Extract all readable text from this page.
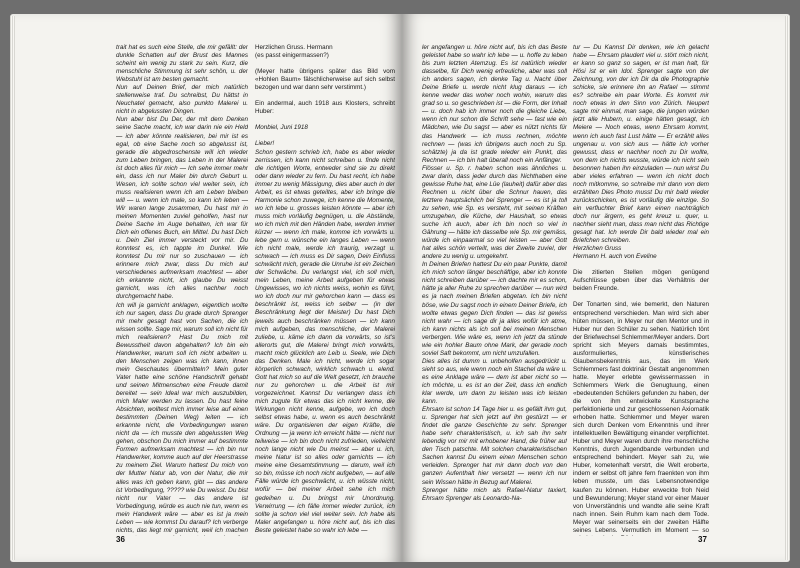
trait hat es such eine Stelle, die mir gefällt: der dunkle Schatten auf der Brust des Mannes scheint ein wenig zu stark zu sein. Kurz, die menschliche Stimmung ist sehr schön, u. der Webstuhl ist am besten gemacht.
Nun auf Deinen Brief, der mich natürlich stellenweise traf. Du schreibst, Du hättst in Neuchatel gemacht, also punkto Malerei u. nicht in abgelussten Dingen.
Nun aber bist Du Der, der mit dem Denken seine Sache macht, ich war darin nie ein Held — ich aber könnte realisieren, bei mir ist es egal, ob eine Sache noch so abgelusst ist, gerade die abgedroschenste will ich wieder zum Leben bringen, das Leben in der Malerei ist doch alles für mich — Ich sehe immer mehr ein, dass ich nur Maler bin durch Geburt u. Wesen, ich sollte schon viel weiter sein, ich muss realisieren wenn ich am Leben bleiben will — u. wenn ich male, so kann ich leben — Wir waren lange zusammen, Du hast mir in meinen Momenten zuviel geholfen, hast nur Deine Sache im Auge behalten, ich war für Dich ein offenes Buch, ein Mittel. Du hast Dich u. Dein Ziel immer versteckt vor mir. Du konntest es, ich tappte im Dunkel. Wie konntest Du mir nur so zuschauen — ich erinnere mich zwar, dass Du mich auf verschiedenes aufmerksam machtest — aber ich erkannte nicht, ich glaube Du weisst garnicht, was ich alles nachher noch durchgemacht habe.
Ich will ja garnicht anklagen, eigentlich wollte ich nur sagen, dass Du grade durch Sprenger mir mehr gesagt hast von Sachen, die ich wissen sollte. Sage mir, warum soll ich nicht für mich realisieren? Hast Du mich mit Bewusstheit davon abgehalten? Ich bin ein Handwerker, warum soll ich nicht arbeiten u. den Menschen zeigen was ich kann, ihnen mein Geschautes übermitteln? Mein guter Vater hatte eine schöne Handschrift gehabt und seinen Mitmenschen eine Freude damit bereitet — sein Ideal war mich auszubilden, mich Maler werden zu lassen. Du hast feine Absichten, wolltest mich immer leise auf einen bestimmten (Deinen Weg) leiten — ich erkannte nicht, die Vorbedingungen waren nicht da — ich musste den abgelussten Weg gehen, obschon Du mich immer auf bestimmte Formen aufmerksam machtest — ich bin nur Handwerker, komme auch auf der Heerstrasse zu meinem Ziel. Warum hattest Du mich von der Mutter Natur ab, von der Natur, die mir alles was ich geben kann, gibt — das andere ist Vorbedingung, ????? wie Du weisst. Du bist nicht nur Vater — das andere ist Vorbedingung, würde es auch nie tun, wenn es mein Handwerk wäre — aber es ist ja mein Leben — wie kommst Du darauf? Ich verberge nichts, das liegt mir garnicht, weil ich machen

Herzlichen Gruss. Hermann
(es passt einigermassen?)

(Meyer hatte übrigens später das Bild vom «Hohlen Baum» fälschlicherweise auf sich selbst bezogen und war dann sehr verstimmt.)

Ein andermal, auch 1918 aus Klosters, schreibt Huber:

Monbiel, Juni 1918

Lieber!
Schon gestern schrieb ich, habe es aber wieder zerrissen, ich kann nicht schreiben u. finde nicht die richtigen Worte, entweder sind sie zu direkt oder dann wieder zu fern. Du hast recht, ich habe immer zu wenig Mässigung, dies aber auch in der Arbeit, es ist etwas geteiltes, aber ich bringe die Harmonie schon zuwege, ich kenne die Momente, wo ich lebe u. grosses leisten könnte — aber ich muss mich vorläufig begnügen, u. die Abstände, wo ich mich mit den Händen habe, werden immer kürzer — wenn ich male, komme ich vorwärts u. lebe gern u. wünsche ein langes Leben — wenn ich nicht male, werde ich traurig, verzagt u. schwach — ich muss es Dir sagen, Dein Einfluss schwächt mich, gerade die Unruhe ist ein Zeichen der Schwäche. Du verlangst viel, ich soll mich, mein Leben, meine Arbeit aufgeben für etwas Ungewisses, wo ich nichts weiss, wohin es führt, wo ich doch nur mir gehorchen kann — dass es beschränkt ist, weiss ich selber — (in der Beschränkung liegt der Meister) Du hast Dich jeweils auch beschränken müssen — ich kann mich aufgeben, das menschliche, der Malerei zuliebe, u. käme ich dann da vorwärts, so ist's allerorts gut, die Malerei bringt mich vorwärts, macht mich glücklich am Leib u. Seele, wie Dich das Denken. Male ich nicht, werde ich sogar körperlich schwach, wirklich schwach u. elend. Gott hat mich so auf die Welt gesetzt, ich brauche nur zu gehorchen u. die Arbeit ist mir vorgezeichnet. Kannst Du verlangen dass ich mich zugute für etwas das ich nicht kenne, die Wirkungen nicht kenne, aufgebe, wo ich doch selbst etwas habe, u. wenn es auch beschränkt wäre. Du organisieren der eigen Kräfte, die Ordnung — ja wenn ich erreicht hätte — nicht nur teilweise — ich bin doch nicht zufrieden, vielleicht noch lange nicht wie Du meinst — aber u. ich, meine Natur ist so alles oder garnichts — ich meine eine Gesamtstimmung — darum, weil ich so bin, müsse ich noch nicht aufgeben, — auf alle Fälle würde ich geschwächt, u. ich wüsste nicht, wofür — bei meiner Arbeit sehe ich mich gedeihen u. Du bringst mir Unordnung. Verwirrung — ich fälle immer wieder zurück, ich sollte ja schon viel viel weiter sein. Ich habe als Maler angefangen u. höre nicht auf, bis ich das Beste geleistet habe so wahr ich lebe —

36

ler angefangen u. höre nicht auf, bis ich das Beste geleistet habe so wahr ich lebe — u. hoffe zu leben bis zum letzten Atemzug. Es ist natürlich wieder dasselbe, für Dich wenig erfreuliche, aber was soll ich anders sagen, ich denke Tag u. Nacht über Deine Briefe u. werde nicht klug daraus — ich kenne weder das woher noch wohin, warum das grad so u. so geschrieben ist — die Form, der Inhalt — u. doch hab ich immer noch die gleiche Liebe, wenn ich nur schon die Schrift sehe — fast wie ein Mädchen, wie Du sagst — aber es nützt nichts für das Handwerk — ich muss rechnen, möchte rechnen — (was ich übrigens auch noch zu Sp. schätzte) ja da ist grade wieder ein Punkt, das Rechnen — ich bin halt überall noch ein Anfänger.
Flösser u. Sp. r. haben schon was ähnliches u. zwar darin, dass jeder durch das Nichthaben eine gewisse Ruhe hat, eine Lüe (lauheit) dafür aber das Rechnen u. nicht über die Schnur hauen, das letztere hauptsächlich bei Sprenger — es ist ja toll zu sehen, wie Sp. es versteht, mit seinen Kräften umzugehen, die Küche, der Haushalt, so etwas suche ich auch, aber ich bin noch so viel in Gährung — hätte ich dasselbe wie Sp. mir gemäss, würde ich einpaarmal so viel leisten — aber Gott hat alles schön verteilt, was der Zweite zuviel, der andere zu wenig u. umgekehrt.
In Deinen Briefen hattest Du ein paar Punkte, damit ich mich schon länger beschäftige, aber ich konnte nicht schreiben darüber — ich dachte mir es schon, hätte ja aller Ruhe zu sprechen darüber — nun wird es ja nach meinen Briefen abgetan. Ich bin nicht böse, wie Du sagst noch in einem Deiner Briefe, ich wollte etwas gegen Dich finden — das ist gewiss nicht wahr — ich sage dir ja alles wofür ich atme, ich kann nichts als ich soll bei meinen Menschen verbergen. Wie wäre es, wenn ich jetzt da stünde wie ein hohler Baum ohne Mark, der gerade noch soviel Saft bekommt, um nicht umzufallen.
Dies alles ist dumm u. unbeholfen ausgedrückt u. sieht so aus, wie wenn noch ein Stachel da wäre u. es eine Anklage wäre — dem ist aber nicht so — ich möchte, u. es ist an der Zeit, dass ich endlich klar werde, um dann zu leisten was ich leisten kann.
Ehrsam ist schon 14 Tage hier u. es gefällt ihm gut, u. Sprenger hat sich jetzt auf ihn gestürzt — er findet die ganze Geschichte zu sehr. Sprenger habe sehr charakteristisch, u. ich sah ihn sehr lebendig vor mir mit erhobener Hand, die früher auf den Tisch patschte. Mit solchen charakteristischen Sachen kannst Du einem einen Menschen schon verleiden. Sprenger hat mir dann doch von den ganzen Aufenthalt hier versetzt — wenn ich nur sein Wissen hätte in Bezug auf Malerei.
Sprenger hätte mich als Rafael-Natur taxiert, Ehrsam Sprenger als Leonardo-Na-

tur — Du Kannst Dir denken, wie ich gelacht habe — Ehrsam plaudert viel u. stört mich nicht, er kann so ganz so sagen, er ist man halt, für Hösi ist er ein Idol. Sprenger sagte von der Zeichnung, von der ich Dir da die Photographie schicke, sie erinnere ihn an Rafael — stimmt es? schreibe ein paar Worte. Es kommt mir noch etwas in den Sinn von Zürich. Neupert sagte mir einmal, man sage, die jungen würden jetzt alle Hubern, u. einige hätten gesagt, ich Meiere — Noch etwas, wenn Ehrsam kommt, wenn ich auch fast Lust hätte — Er erzählt alles ungenau u. von sich aus — hätte ich vorher gewusst, dass er nachher noch zu Dir wollte, von dem ich nichts wusste, würde ich nicht sein besonnen haben ihn einzuladen — nun wirst Du aber vieles erfahren — wenn ich nicht doch noch mitkomme, so schreibe mir dann von dem erzählten Dies Photo musst Du mir bald wieder zurückschicken, es ist vorläufig die einzige. So ein verfluchter Brief kann einen nachträglich doch nur ärgern, es geht kreuz u. quer, u. nachher sieht man, dass man nicht das Richtige gesagt hat. Ich werde Dir bald wieder mal ein Briefchen schreiben.
Herzlichen Gruss
Hermann H. auch von Eveline

Die zitierten Stellen mögen genügend Aufschlüsse geben über das Verhältnis der beiden Freunde.

Der Tonarten sind, wie bemerkt, den Naturen entsprechend verschieden. Man wird sich aber hüten müssen, in Meyer nur den Mentor und in Huber nur den Schüler zu sehen. Natürlich tönt der Briefwechsel Schlemmer/Meyer anders. Dort spricht sich Meyers damals bestimmtes, ausformuliertes, künstlerisches Glaubensbekenntnis aus, das im Werk Schlemmers fast doktrinär Gestalt angenommen hatte. Meyer erlebte gewissermassen in Schlemmers Werk die Genugtuung, einen «bedeutenden Schülers gefunden zu haben, der die von ihm entwickelte Kunstsprache perfektionierte und zur geschlossenen Axiomatik erhoben hatte. Schlemmer und Meyer waren sich durch Denken vom Erkenntnis und ihrer intellektuellen Bewältigung einander verpflichtet. Huber und Meyer waren durch ihre menschliche Kenntnis, durch Jugendbande verbunden und entsprechend behindert. Meyer sah zu, wie Huber, kometenhaft verstrt, die Welt eroberte, indem er selbst oft jahre fern fraenkten von ihm leben musste, um das Lebensnotwendige kaufen zu können. Huber erweckte froh Neid und Bewunderung; Meyer stand vor einer Mauer von Unverständnis und wandte alle seine Kraft nach innen. Sein Ruhm kam nach dem Tode. Meyer war seinerseits ein der zweiten Hälfte seines Lebens. Vermutlich im Moment — so

37
